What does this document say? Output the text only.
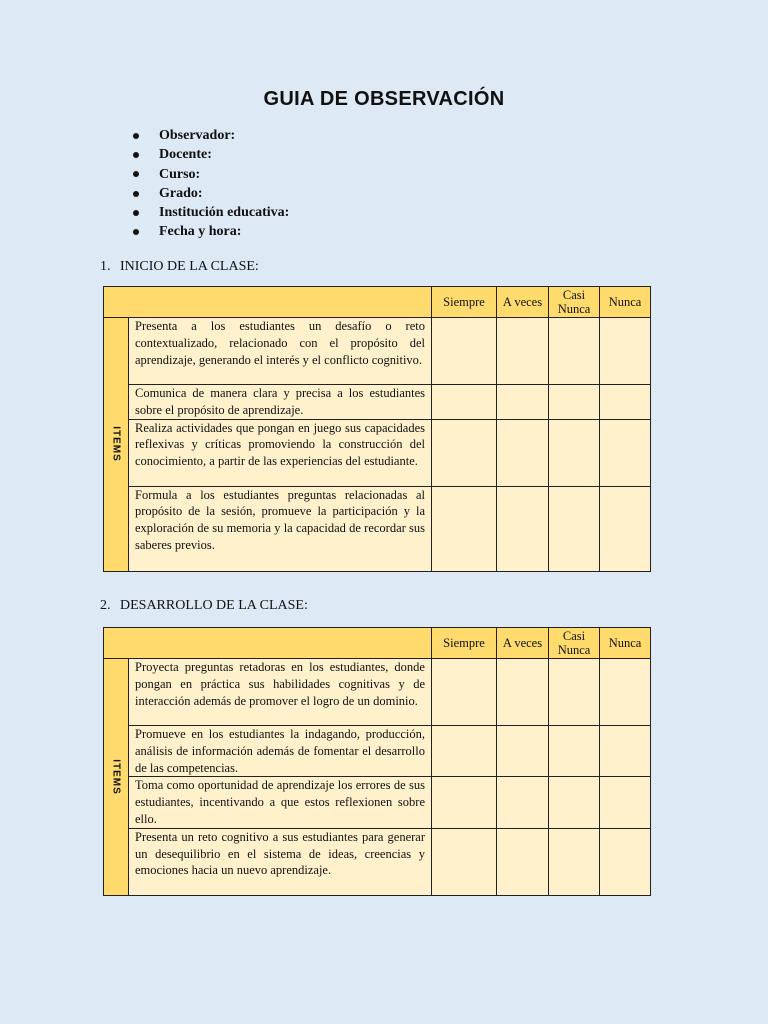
GUIA DE OBSERVACIÓN
Observador:
Docente:
Curso:
Grado:
Institución educativa:
Fecha y hora:
1. INICIO DE LA CLASE:
		Siempre	A veces	Casi Nunca	Nunca

ITEMS	Presenta a los estudiantes un desafío o reto contextualizado, relacionado con el propósito del aprendizaje, generando el interés y el conflicto cognitivo.				
	Comunica de manera clara y precisa a los estudiantes sobre el propósito de aprendizaje.				
	Realiza actividades que pongan en juego sus capacidades reflexivas y críticas promoviendo la construcción del conocimiento, a partir de las experiencias del estudiante.				
	Formula a los estudiantes preguntas relacionadas al propósito de la sesión, promueve la participación y la exploración de su memoria y la capacidad de recordar sus saberes previos.				
2. DESARROLLO DE LA CLASE:
		Siempre	A veces	Casi Nunca	Nunca

ITEMS	Proyecta preguntas retadoras en los estudiantes, donde pongan en práctica sus habilidades cognitivas y de interacción además de promover el logro de un dominio.				
	Promueve en los estudiantes la indagando, producción, análisis de información además de fomentar el desarrollo de las competencias.				
	Toma como oportunidad de aprendizaje los errores de sus estudiantes, incentivando a que estos reflexionen sobre ello.				
	Presenta un reto cognitivo a sus estudiantes para generar un desequilibrio en el sistema de ideas, creencias y emociones hacia un nuevo aprendizaje.				
